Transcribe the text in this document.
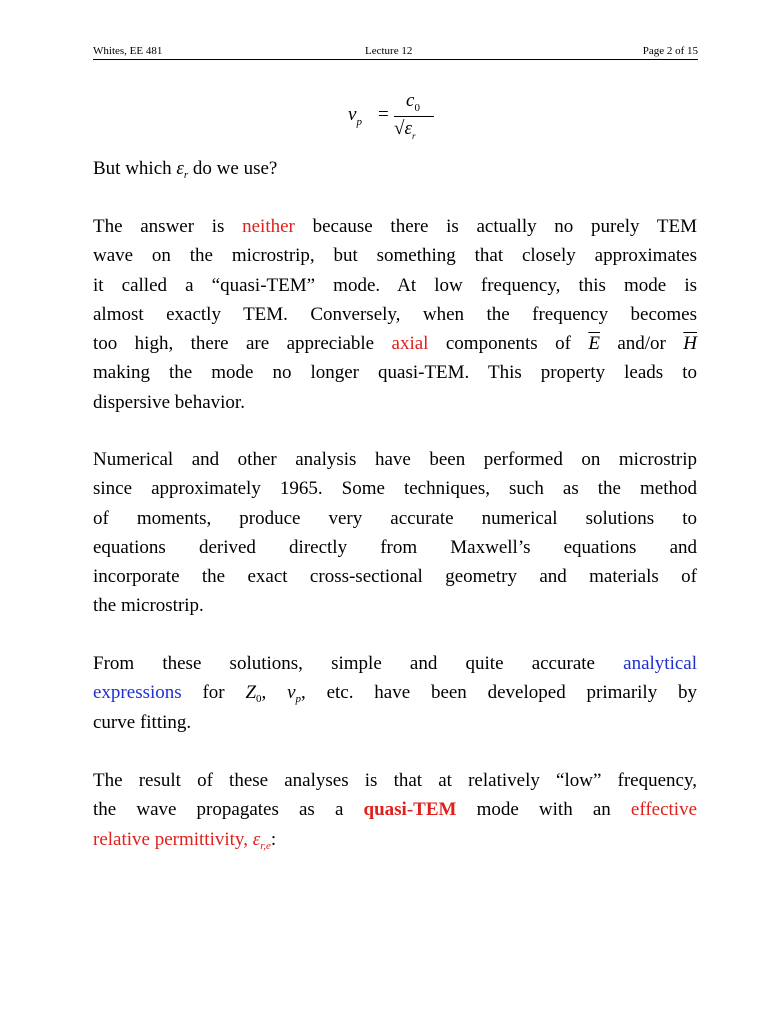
Whites, EE 481	Lecture 12	Page 2 of 15
$v_p$ =
$c_0$
$√\varepsilon_r$
But which $\varepsilon_r$ do we use?
The answer is neither because there is actually no purely TEM
wave on the microstrip, but something that closely approximates
it called a “quasi-TEM” mode. At low frequency, this mode is
almost exactly TEM. Conversely, when the frequency becomes
too high, there are appreciable axial components of $\overline{E}$ and/or $\overline{H}$
making the mode no longer quasi-TEM. This property leads to
dispersive behavior.
Numerical and other analysis have been performed on microstrip
since approximately 1965. Some techniques, such as the method
of moments, produce very accurate numerical solutions to
equations derived directly from Maxwell’s equations and
incorporate the exact cross-sectional geometry and materials of
the microstrip.
From these solutions, simple and quite accurate analytical
expressions for $Z_0$, $v_p$, etc. have been developed primarily by
curve fitting.
The result of these analyses is that at relatively “low” frequency,
the wave propagates as a quasi-TEM mode with an effective
relative permittivity, $\varepsilon_{r,e}$:
